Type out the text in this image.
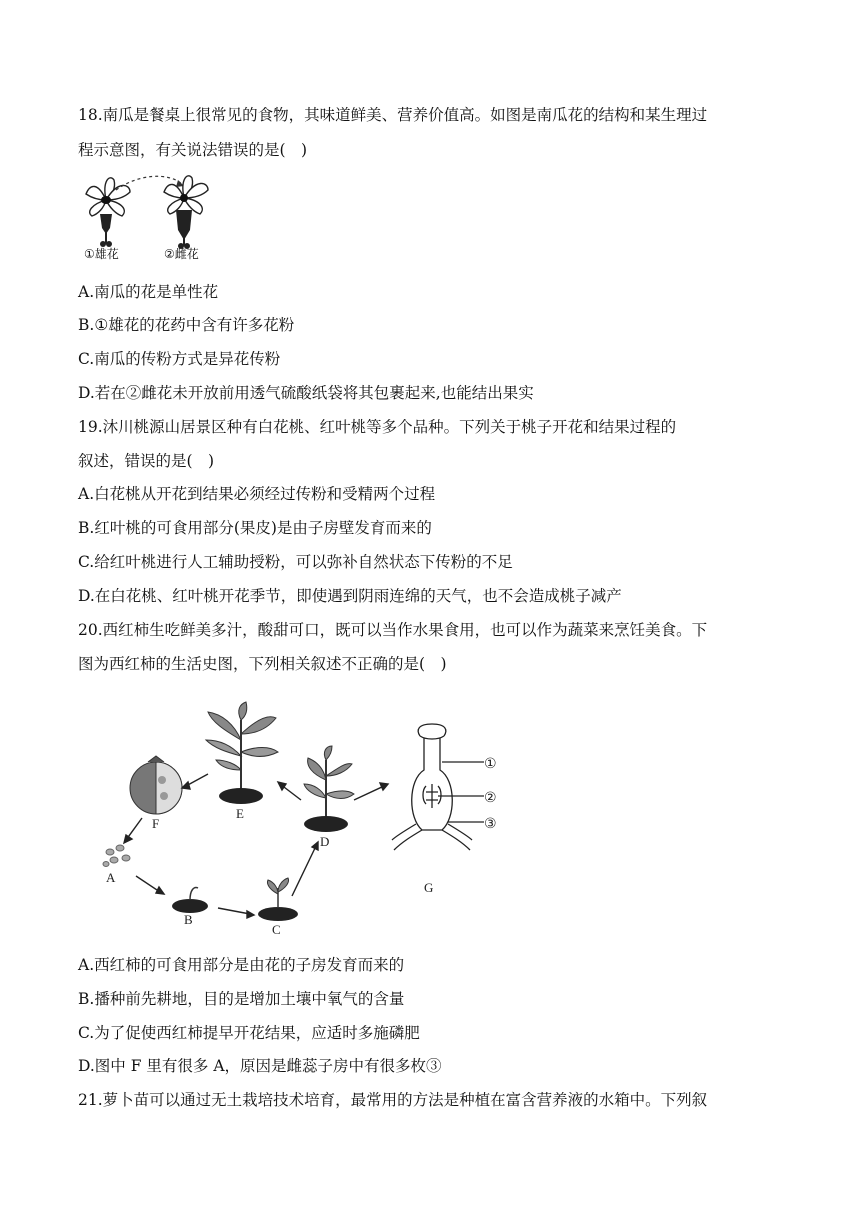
18.南瓜是餐桌上很常见的食物，其味道鲜美、营养价值高。如图是南瓜花的结构和某生理过
程示意图，有关说法错误的是(　)
①雄花	②雌花
A.南瓜的花是单性花
B.①雄花的花药中含有许多花粉
C.南瓜的传粉方式是异花传粉
D.若在②雌花未开放前用透气硫酸纸袋将其包裹起来,也能结出果实
19.沐川桃源山居景区种有白花桃、红叶桃等多个品种。下列关于桃子开花和结果过程的
叙述，错误的是(　)
A.白花桃从开花到结果必须经过传粉和受精两个过程
B.红叶桃的可食用部分(果皮)是由子房壁发育而来的
C.给红叶桃进行人工辅助授粉，可以弥补自然状态下传粉的不足
D.在白花桃、红叶桃开花季节，即使遇到阴雨连绵的天气，也不会造成桃子减产
20.西红柿生吃鲜美多汁，酸甜可口，既可以当作水果食用，也可以作为蔬菜来烹饪美食。下
图为西红柿的生活史图，下列相关叙述不正确的是(　)
E
F
A
B
C
D
①
②
③
G
A.西红柿的可食用部分是由花的子房发育而来的
B.播种前先耕地，目的是增加土壤中氧气的含量
C.为了促使西红柿提早开花结果，应适时多施磷肥
D.图中 F 里有很多 A，原因是雌蕊子房中有很多枚③
21.萝卜苗可以通过无土栽培技术培育，最常用的方法是种植在富含营养液的水箱中。下列叙
